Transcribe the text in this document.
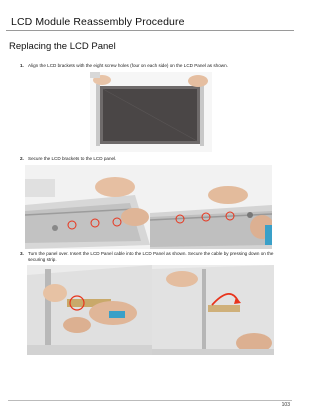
LCD Module Reassembly Procedure
Replacing the LCD Panel
1. Align the LCD brackets with the eight screw holes (four on each side) on the LCD Panel as shown.
2. Secure the LCD brackets to the LCD panel.
3. Turn the panel over. Insert the LCD Panel cable into the LCD Panel as shown. Secure the cable by pressing down on the securing strip.
103
